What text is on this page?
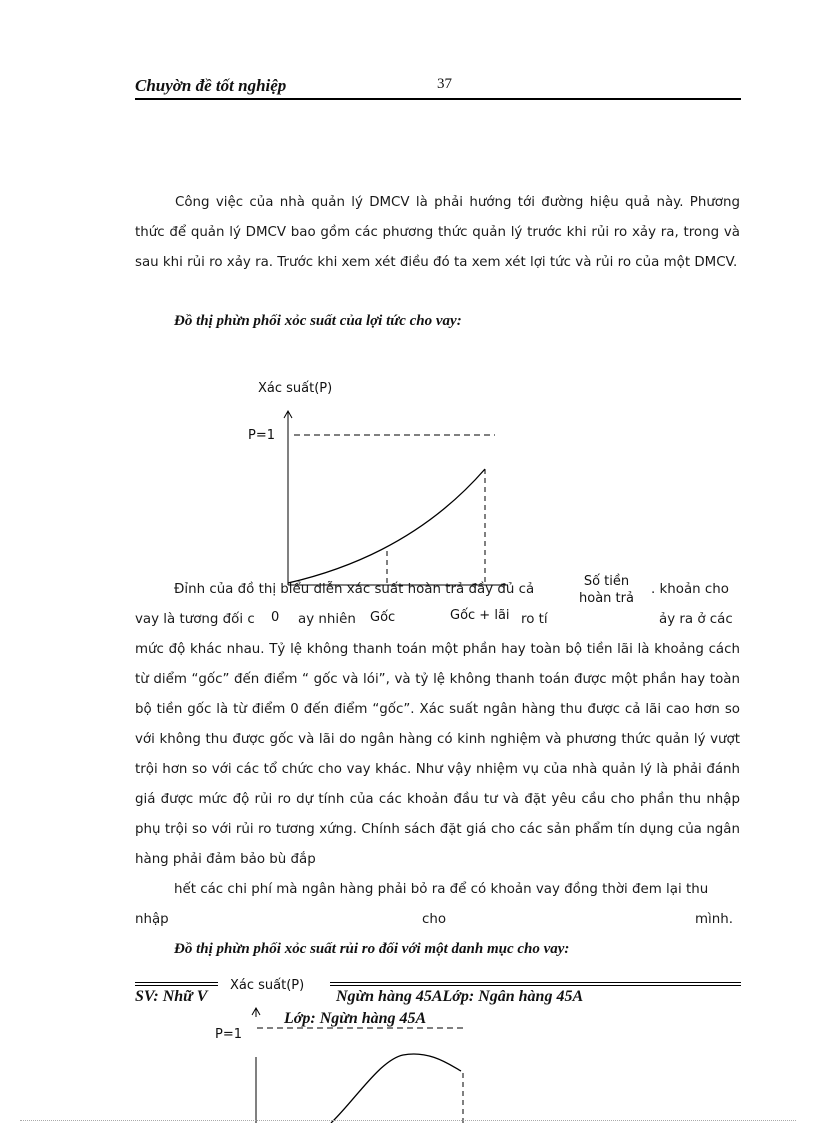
Chuyờn đề tốt nghiệp	37
Công việc của nhà quản lý DMCV là phải hướng tới đường hiệu quả này. Phương thức để quản lý DMCV bao gồm các phương thức quản lý trước khi rủi ro xảy ra, trong và sau khi rủi ro xảy ra. Trước khi xem xét điều đó ta xem xét lợi tức và rủi ro của một DMCV.
Đồ thị phừn phối xỏc suất của lợi tức cho vay:
Xác suất(P)
P=1
Số tiền
hoàn trả
Đỉnh của đồ thị biểu diễn xác suất hoàn trả đầy đủ cả	. khoản cho
vay là tương đối c 0 ay nhiên Gốc	Gốc + lãi ro tí	ảy ra ở các
mức độ khác nhau. Tỷ lệ không thanh toán một phần hay toàn bộ tiền lãi là khoảng cách từ diểm “gốc” đến điểm “ gốc và lói”, và tỷ lệ không thanh toán được một phần hay toàn bộ tiền gốc là từ điểm 0 đến điểm “gốc”. Xác suất ngân hàng thu được cả lãi cao hơn so với không thu được gốc và lãi do ngân hàng có kinh nghiệm và phương thức quản lý vượt trội hơn so với các tổ chức cho vay khác. Như vậy nhiệm vụ của nhà quản lý là phải đánh giá được mức độ rủi ro dự tính của các khoản đầu tư và đặt yêu cầu cho phần thu nhập phụ trội so với rủi ro tương xứng. Chính sách đặt giá cho các sản phẩm tín dụng của ngân hàng phải đảm bảo bù đắp
hết các chi phí mà ngân hàng phải bỏ ra để có khoản vay đồng thời đem lại thu
nhập	cho	mình.
Đồ thị phừn phối xỏc suất rủi ro đối với một danh mục cho vay:
SV: Nhữ V	Ngừn hàng 45ALớp: Ngân hàng 45A
Lớp: Ngừn hàng 45A
Xác suất(P)
P=1
